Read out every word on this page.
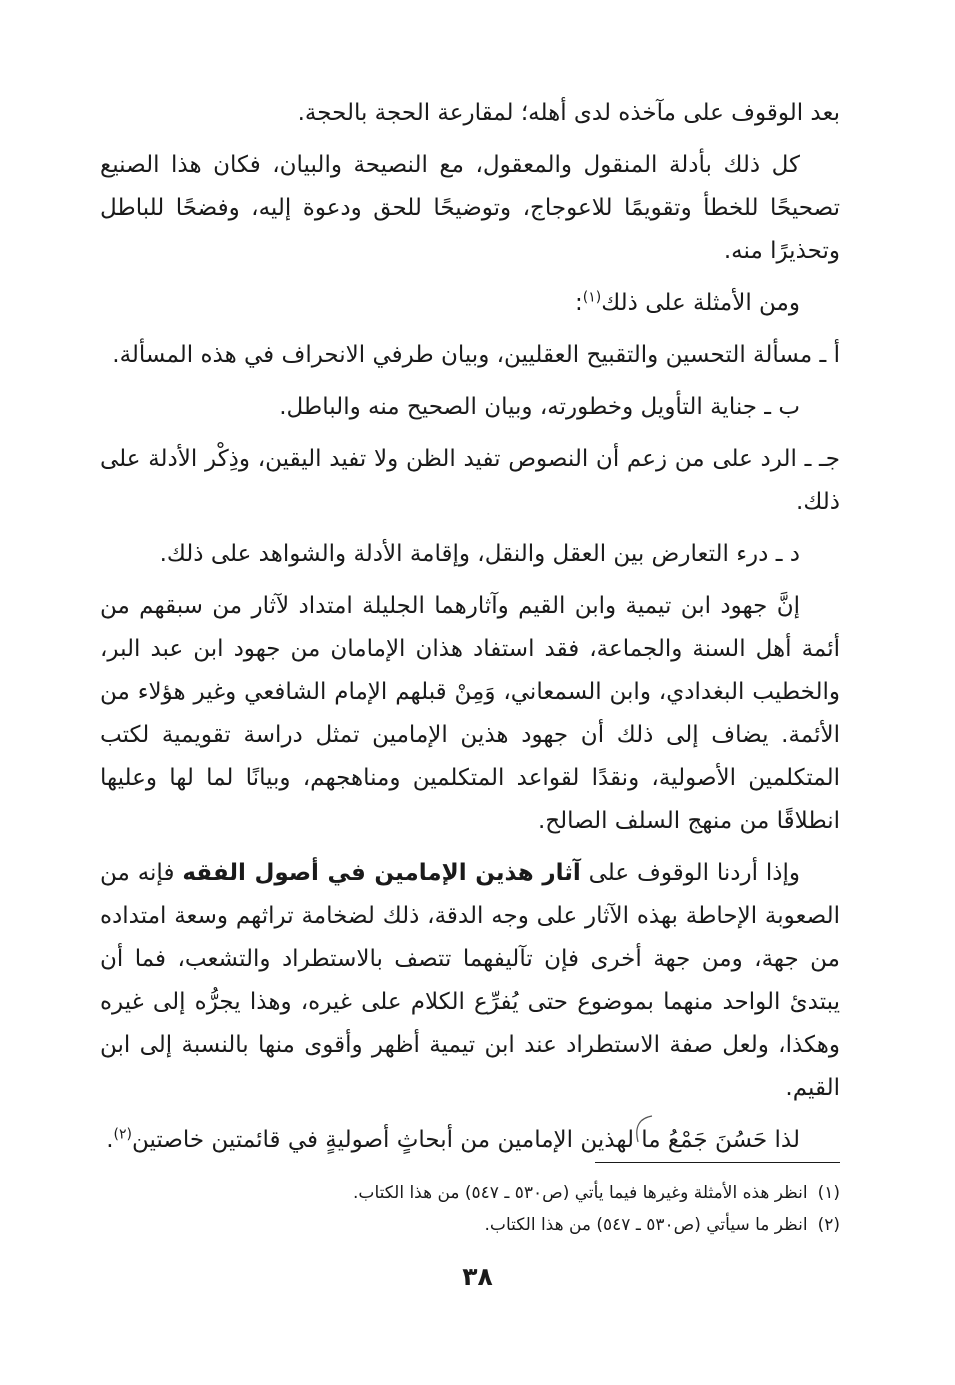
بعد الوقوف على مآخذه لدى أهله؛ لمقارعة الحجة بالحجة.

كل ذلك بأدلة المنقول والمعقول، مع النصيحة والبيان، فكان هذا الصنيع تصحيحًا للخطأ وتقويمًا للاعوجاج، وتوضيحًا للحق ودعوة إليه، وفضحًا للباطل وتحذيرًا منه.

ومن الأمثلة على ذلك$^{(١)}$:

أ ـ مسألة التحسين والتقبيح العقليين، وبيان طرفي الانحراف في هذه المسألة.

ب ـ جناية التأويل وخطورته، وبيان الصحيح منه والباطل.

جـ ـ الرد على من زعم أن النصوص تفيد الظن ولا تفيد اليقين، وذِكْر الأدلة على ذلك.

د ـ درء التعارض بين العقل والنقل، وإقامة الأدلة والشواهد على ذلك.

إنَّ جهود ابن تيمية وابن القيم وآثارهما الجليلة امتداد لآثار من سبقهم من أئمة أهل السنة والجماعة، فقد استفاد هذان الإمامان من جهود ابن عبد البر، والخطيب البغدادي، وابن السمعاني، وَمِنْ قبلهم الإمام الشافعي وغير هؤلاء من الأئمة. يضاف إلى ذلك أن جهود هذين الإمامين تمثل دراسة تقويمية لكتب المتكلمين الأصولية، ونقدًا لقواعد المتكلمين ومناهجهم، وبيانًا لما لها وعليها انطلاقًا من منهج السلف الصالح.

وإذا أردنا الوقوف على آثار هذين الإمامين في أصول الفقه فإنه من الصعوبة الإحاطة بهذه الآثار على وجه الدقة، ذلك لضخامة تراثهم وسعة امتداده من جهة، ومن جهة أخرى فإن تآليفهما تتصف بالاستطراد والتشعب، فما أن يبتدئ الواحد منهما بموضوع حتى يُفرِّع الكلام على غيره، وهذا يجرُّه إلى غيره وهكذا، ولعل صفة الاستطراد عند ابن تيمية أظهر وأقوى منها بالنسبة إلى ابن القيم.

لذا حَسُنَ جَمْعُ ما لهذين الإمامين من أبحاثٍ أصوليةٍ في قائمتين خاصتين$^{(٢)}$.

(١)انظر هذه الأمثلة وغيرها فيما يأتي (ص٥٣٠ ـ ٥٤٧) من هذا الكتاب.

(٢)انظر ما سيأتي (ص٥٣٠ ـ ٥٤٧) من هذا الكتاب.

٣٨
